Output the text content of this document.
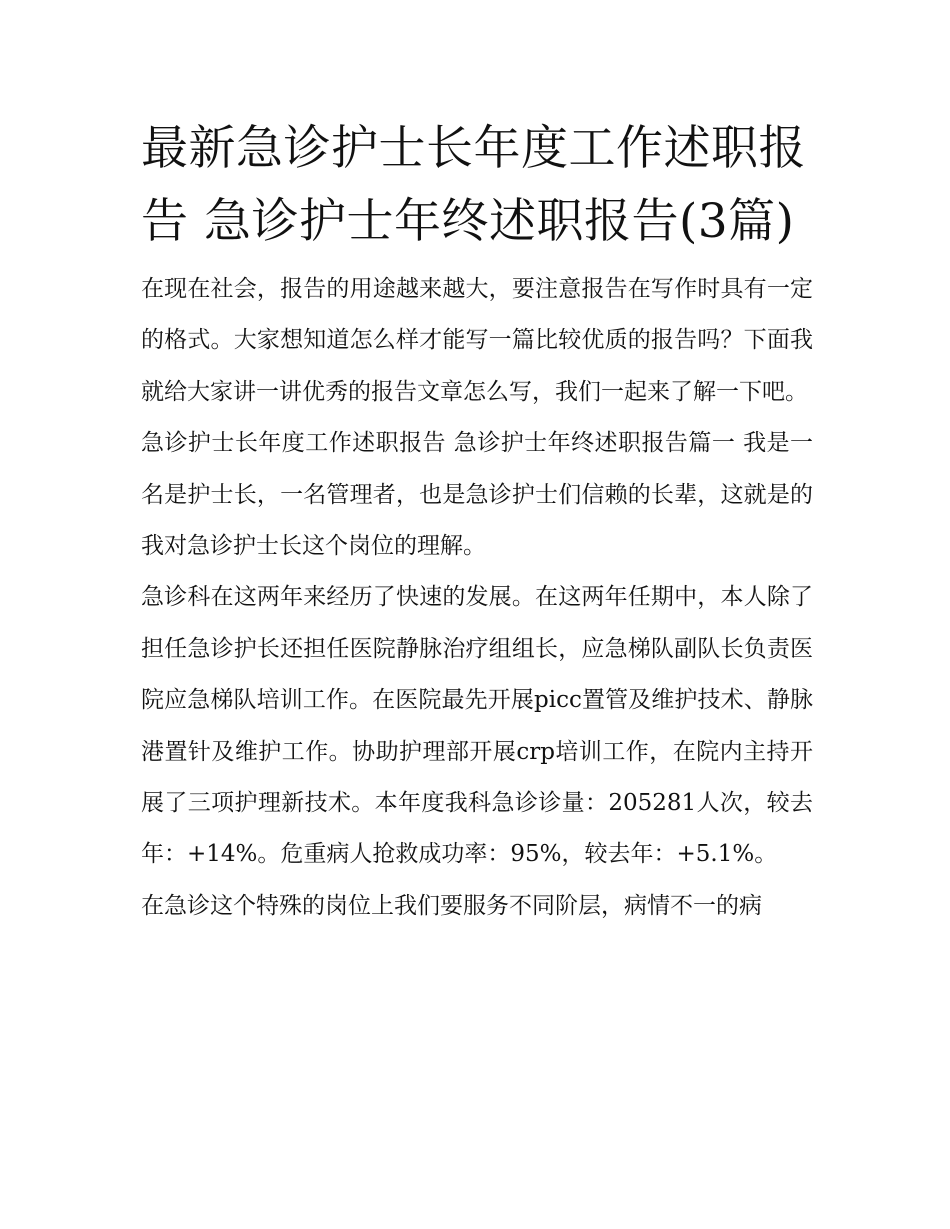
最新急诊护士长年度工作述职报告 急诊护士年终述职报告(3篇)

在现在社会，报告的用途越来越大，要注意报告在写作时具有一定的格式。大家想知道怎么样才能写一篇比较优质的报告吗？下面我就给大家讲一讲优秀的报告文章怎么写，我们一起来了解一下吧。

急诊护士长年度工作述职报告 急诊护士年终述职报告篇一 我是一名是护士长，一名管理者，也是急诊护士们信赖的长辈，这就是的我对急诊护士长这个岗位的理解。

急诊科在这两年来经历了快速的发展。在这两年任期中，本人除了担任急诊护长还担任医院静脉治疗组组长，应急梯队副队长负责医院应急梯队培训工作。在医院最先开展picc置管及维护技术、静脉港置针及维护工作。协助护理部开展crp培训工作，在院内主持开展了三项护理新技术。本年度我科急诊诊量：205281人次，较去年：+14%。危重病人抢救成功率：95%，较去年：+5.1%。

在急诊这个特殊的岗位上我们要服务不同阶层，病情不一的病
